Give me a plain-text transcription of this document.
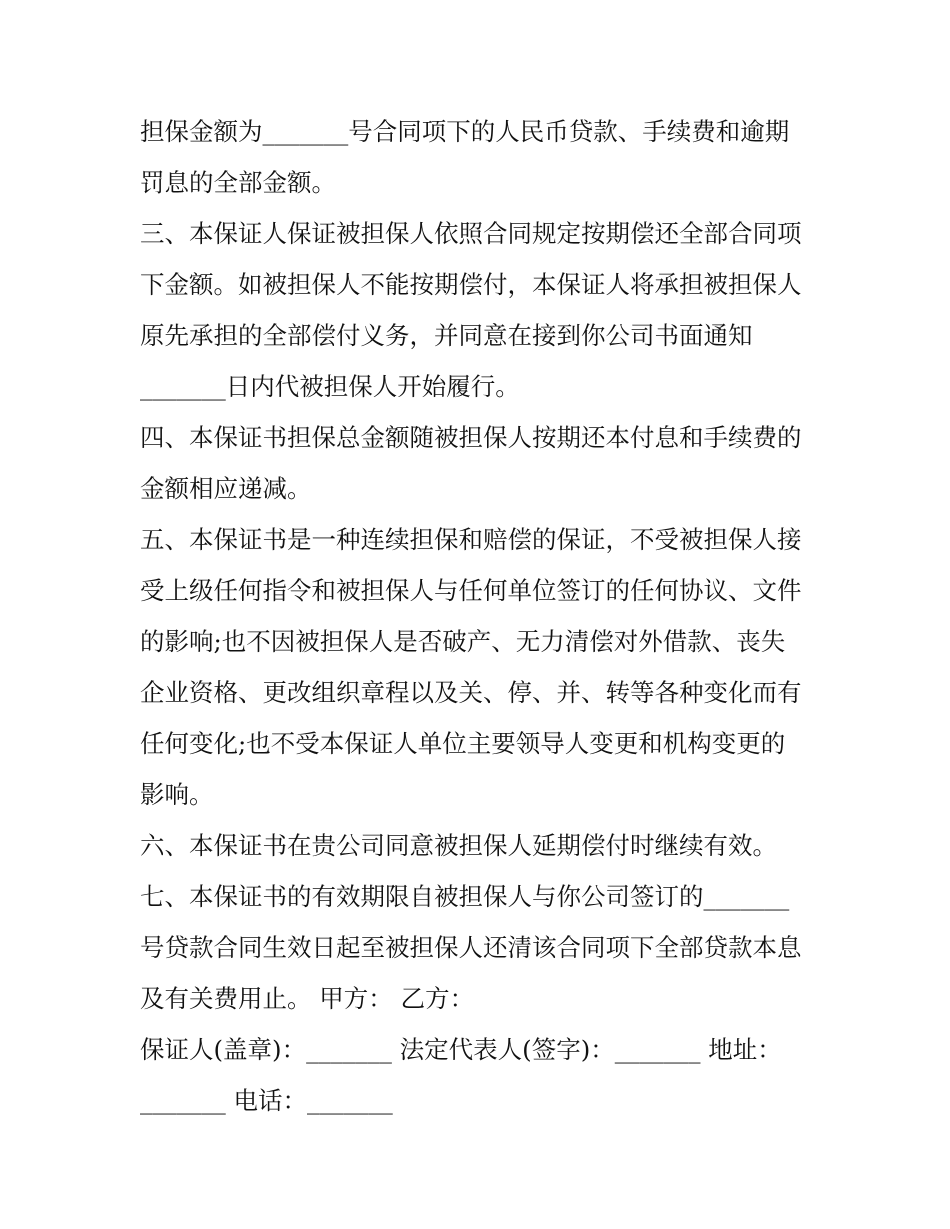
担保金额为_______号合同项下的人民币贷款、手续费和逾期
罚息的全部金额。
三、本保证人保证被担保人依照合同规定按期偿还全部合同项
下金额。如被担保人不能按期偿付，本保证人将承担被担保人
原先承担的全部偿付义务，并同意在接到你公司书面通知
_______日内代被担保人开始履行。
四、本保证书担保总金额随被担保人按期还本付息和手续费的
金额相应递减。
五、本保证书是一种连续担保和赔偿的保证，不受被担保人接
受上级任何指令和被担保人与任何单位签订的任何协议、文件
的影响;也不因被担保人是否破产、无力清偿对外借款、丧失
企业资格、更改组织章程以及关、停、并、转等各种变化而有
任何变化;也不受本保证人单位主要领导人变更和机构变更的
影响。
六、本保证书在贵公司同意被担保人延期偿付时继续有效。
七、本保证书的有效期限自被担保人与你公司签订的_______
号贷款合同生效日起至被担保人还清该合同项下全部贷款本息
及有关费用止。 甲方： 乙方：
保证人(盖章)：_______ 法定代表人(签字)：_______ 地址：
_______ 电话：_______
